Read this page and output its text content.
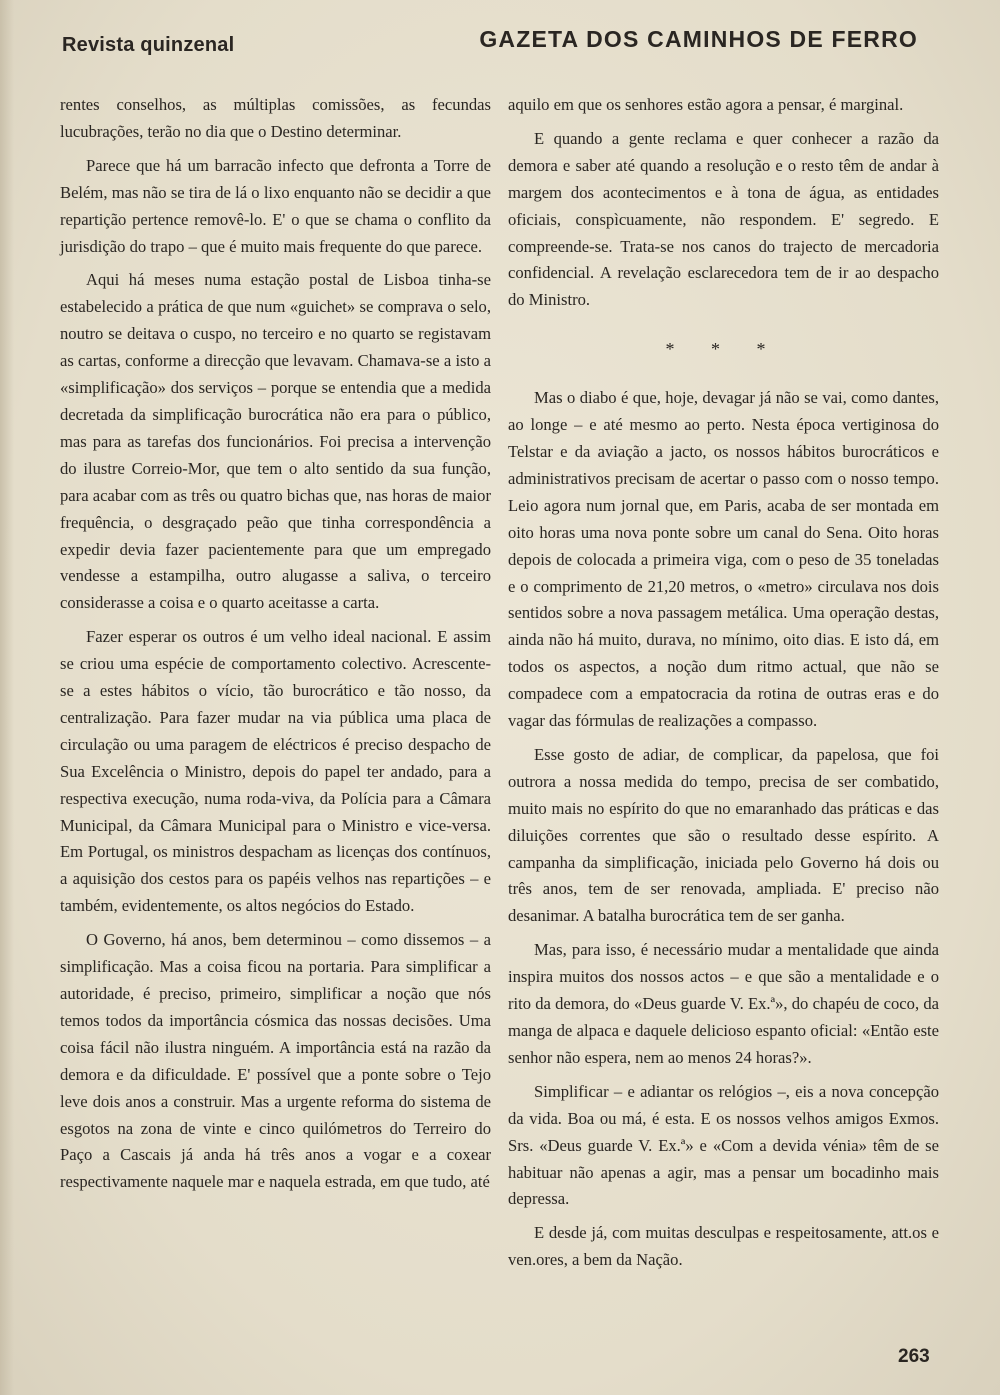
Revista quinzenal	GAZETA DOS CAMINHOS DE FERRO

rentes conselhos, as múltiplas comissões, as fecundas lucubrações, terão no dia que o Destino determinar.

Parece que há um barracão infecto que defronta a Torre de Belém, mas não se tira de lá o lixo enquanto não se decidir a que repartição pertence removê-lo. E' o que se chama o conflito da jurisdição do trapo – que é muito mais frequente do que parece.

Aqui há meses numa estação postal de Lisboa tinha-se estabelecido a prática de que num «guichet» se comprava o selo, noutro se deitava o cuspo, no terceiro e no quarto se registavam as cartas, conforme a direcção que levavam. Chamava-se a isto a «simplificação» dos serviços – porque se entendia que a medida decretada da simplificação burocrática não era para o público, mas para as tarefas dos funcionários. Foi precisa a intervenção do ilustre Correio-Mor, que tem o alto sentido da sua função, para acabar com as três ou quatro bichas que, nas horas de maior frequência, o desgraçado peão que tinha correspondência a expedir devia fazer pacientemente para que um empregado vendesse a estampilha, outro alugasse a saliva, o terceiro considerasse a coisa e o quarto aceitasse a carta.

Fazer esperar os outros é um velho ideal nacional. E assim se criou uma espécie de comportamento colectivo. Acrescente-se a estes hábitos o vício, tão burocrático e tão nosso, da centralização. Para fazer mudar na via pública uma placa de circulação ou uma paragem de eléctricos é preciso despacho de Sua Excelência o Ministro, depois do papel ter andado, para a respectiva execução, numa roda-viva, da Polícia para a Câmara Municipal, da Câmara Municipal para o Ministro e vice-versa. Em Portugal, os ministros despacham as licenças dos contínuos, a aquisição dos cestos para os papéis velhos nas repartições – e também, evidentemente, os altos negócios do Estado.

O Governo, há anos, bem determinou – como dissemos – a simplificação. Mas a coisa ficou na portaria. Para simplificar a autoridade, é preciso, primeiro, simplificar a noção que nós temos todos da importância cósmica das nossas decisões. Uma coisa fácil não ilustra ninguém. A importância está na razão da demora e da dificuldade. E' possível que a ponte sobre o Tejo leve dois anos a construir. Mas a urgente reforma do sistema de esgotos na zona de vinte e cinco quilómetros do Terreiro do Paço a Cascais já anda há três anos a vogar e a coxear respectivamente naquele mar e naquela estrada, em que tudo, até

aquilo em que os senhores estão agora a pensar, é marginal.

E quando a gente reclama e quer conhecer a razão da demora e saber até quando a resolução e o resto têm de andar à margem dos acontecimentos e à tona de água, as entidades oficiais, conspìcuamente, não respondem. E' segredo. E compreende-se. Trata-se nos canos do trajecto de mercadoria confidencial. A revelação esclarecedora tem de ir ao despacho do Ministro.

* * *

Mas o diabo é que, hoje, devagar já não se vai, como dantes, ao longe – e até mesmo ao perto. Nesta época vertiginosa do Telstar e da aviação a jacto, os nossos hábitos burocráticos e administrativos precisam de acertar o passo com o nosso tempo. Leio agora num jornal que, em Paris, acaba de ser montada em oito horas uma nova ponte sobre um canal do Sena. Oito horas depois de colocada a primeira viga, com o peso de 35 toneladas e o comprimento de 21,20 metros, o «metro» circulava nos dois sentidos sobre a nova passagem metálica. Uma operação destas, ainda não há muito, durava, no mínimo, oito dias. E isto dá, em todos os aspectos, a noção dum ritmo actual, que não se compadece com a empatocracia da rotina de outras eras e do vagar das fórmulas de realizações a compasso.

Esse gosto de adiar, de complicar, da papelosa, que foi outrora a nossa medida do tempo, precisa de ser combatido, muito mais no espírito do que no emaranhado das práticas e das diluições correntes que são o resultado desse espírito. A campanha da simplificação, iniciada pelo Governo há dois ou três anos, tem de ser renovada, ampliada. E' preciso não desanimar. A batalha burocrática tem de ser ganha.

Mas, para isso, é necessário mudar a mentalidade que ainda inspira muitos dos nossos actos – e que são a mentalidade e o rito da demora, do «Deus guarde V. Ex.ª», do chapéu de coco, da manga de alpaca e daquele delicioso espanto oficial: «Então este senhor não espera, nem ao menos 24 horas?».

Simplificar – e adiantar os relógios –, eis a nova concepção da vida. Boa ou má, é esta. E os nossos velhos amigos Exmos. Srs. «Deus guarde V. Ex.ª» e «Com a devida vénia» têm de se habituar não apenas a agir, mas a pensar um bocadinho mais depressa.

E desde já, com muitas desculpas e respeitosamente, att.os e ven.ores, a bem da Nação.

263
